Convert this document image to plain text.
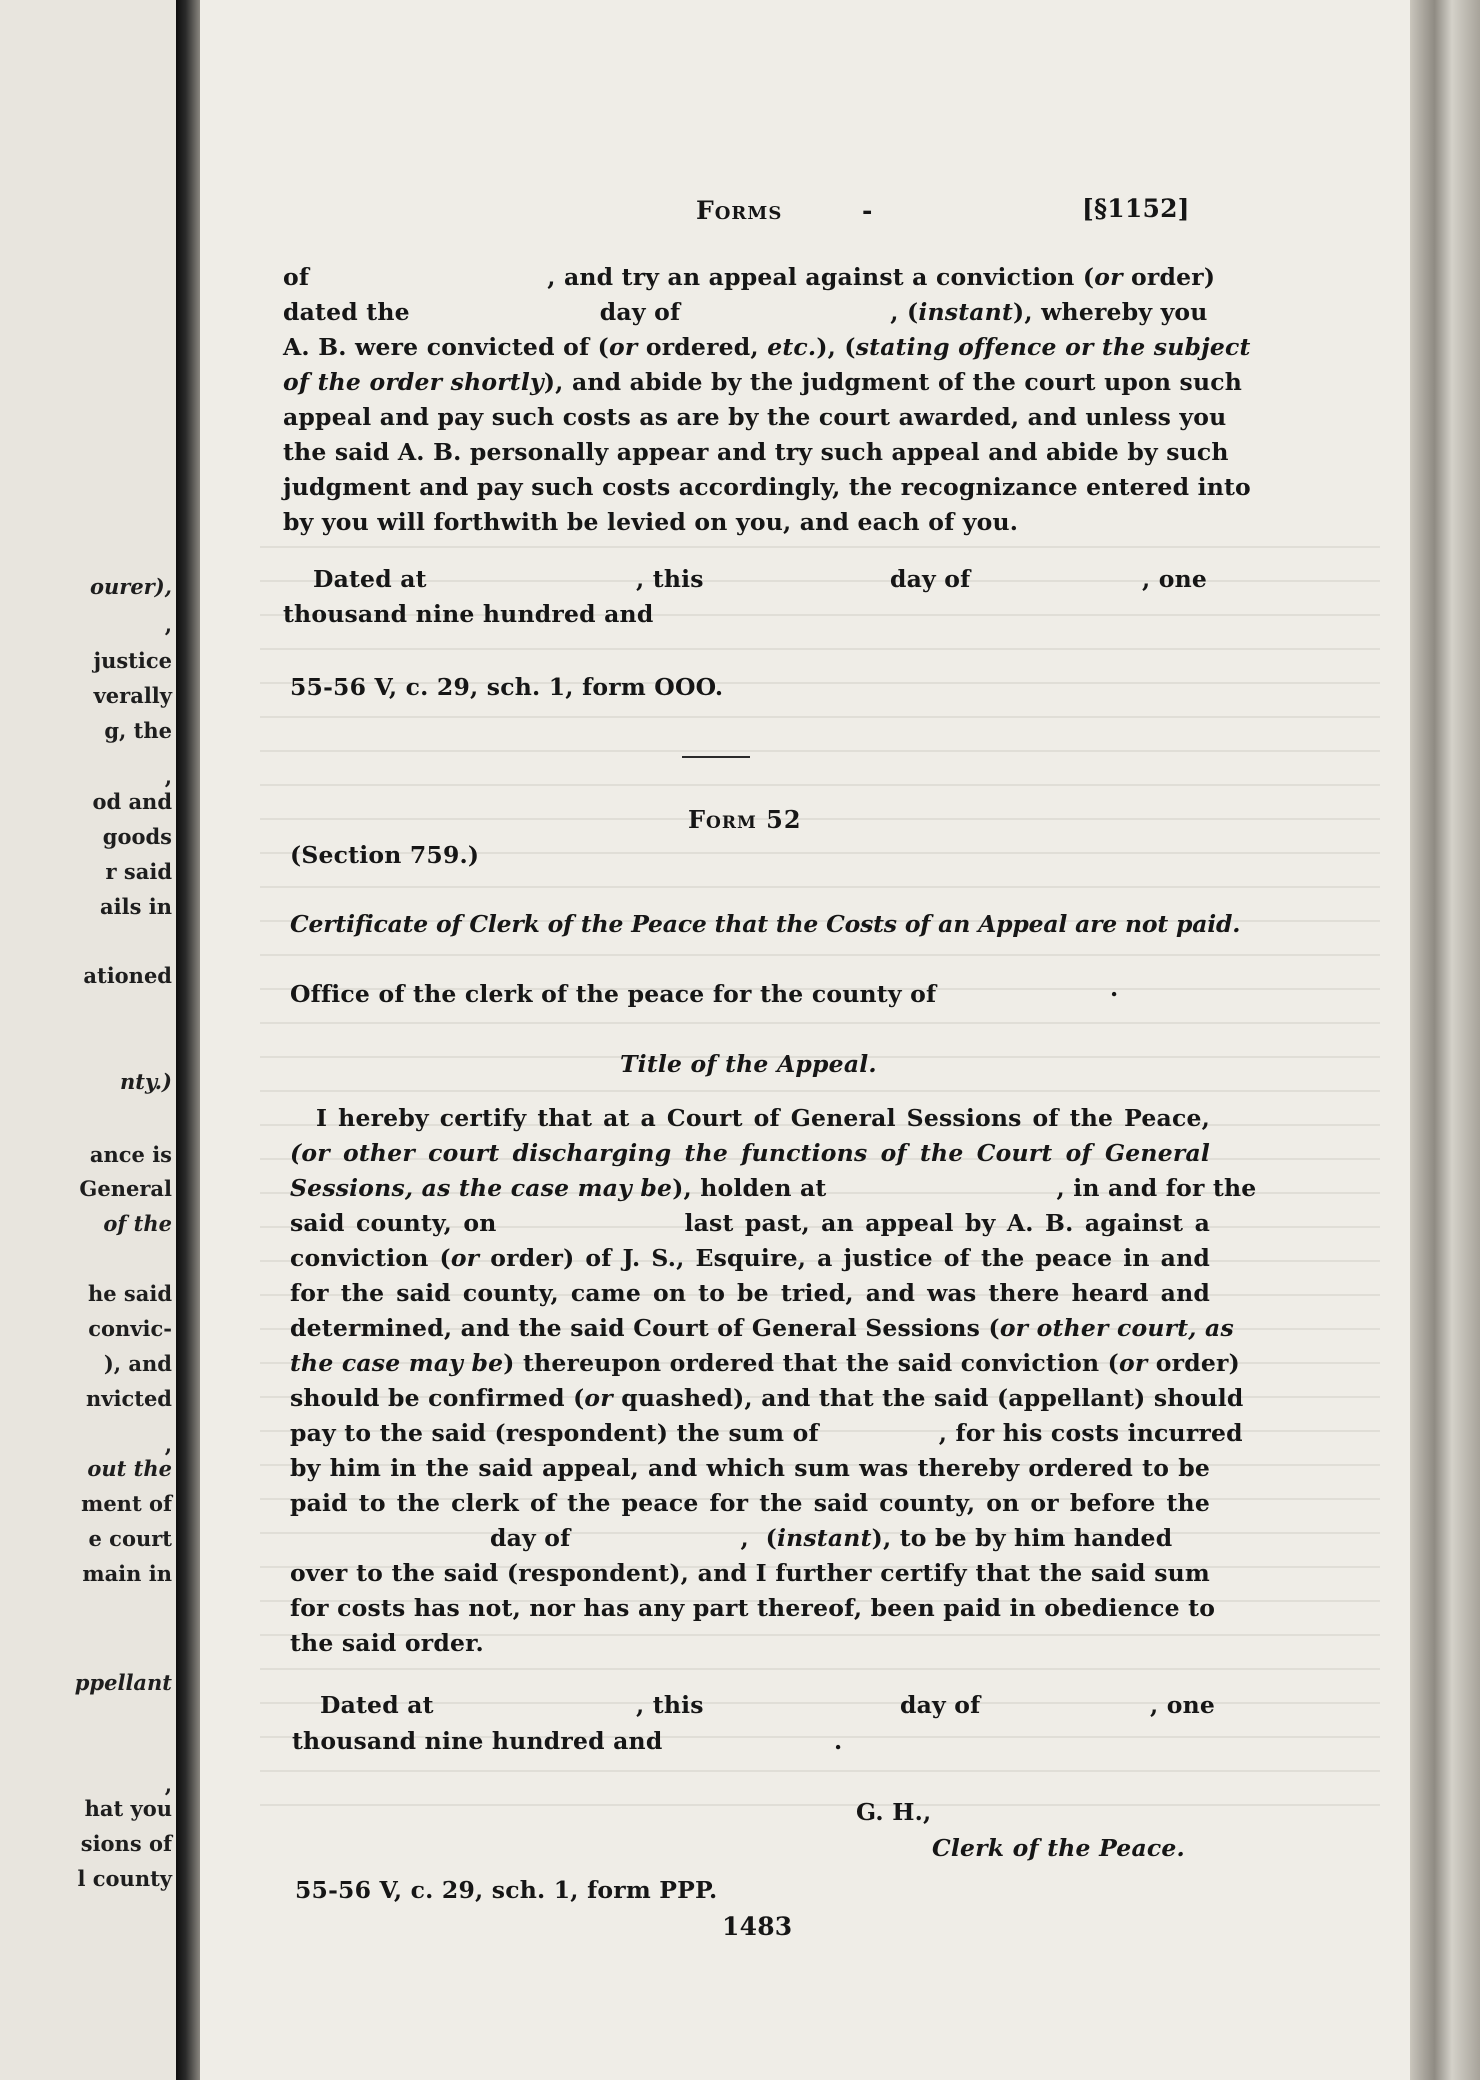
ourer),
,
justice
verally
g, the
,
od and
goods
r said
ails in
ationed
nty.)
ance is
General
of the
he said
convic-
), and
nvicted
,
out the
ment of
e court
main in
ppellant
,
hat you
sions of
l county
Forms	-	[§1152]
of	, and try an appeal against a conviction (or order)
dated the	day of	, (instant), whereby you
A. B. were convicted of (or ordered, etc.), (stating offence or the subject
of the order shortly), and abide by the judgment of the court upon such
appeal and pay such costs as are by the court awarded, and unless you
the said A. B. personally appear and try such appeal and abide by such
judgment and pay such costs accordingly, the recognizance entered into
by you will forthwith be levied on you, and each of you.
Dated at	, this	day of	, one
thousand nine hundred and
55-56 V, c. 29, sch. 1, form OOO.
Form 52
(Section 759.)
Certificate of Clerk of the Peace that the Costs of an Appeal are not paid.
Office of the clerk of the peace for the county of	.
Title of the Appeal.
I hereby certify that at a Court of General Sessions of the Peace,
(or other court discharging the functions of the Court of General
Sessions, as the case may be), holden at	, in and for the
said county, on	last past, an appeal by A. B. against a
conviction (or order) of J. S., Esquire, a justice of the peace in and
for the said county, came on to be tried, and was there heard and
determined, and the said Court of General Sessions (or other court, as
the case may be) thereupon ordered that the said conviction (or order)
should be confirmed (or quashed), and that the said (appellant) should
pay to the said (respondent) the sum of	, for his costs incurred
by him in the said appeal, and which sum was thereby ordered to be
paid to the clerk of the peace for the said county, on or before the
day of	,  (instant), to be by him handed
over to the said (respondent), and I further certify that the said sum
for costs has not, nor has any part thereof, been paid in obedience to
the said order.
Dated at	, this	day of	, one
thousand nine hundred and	.
G. H.,
Clerk of the Peace.
55-56 V, c. 29, sch. 1, form PPP.
1483
